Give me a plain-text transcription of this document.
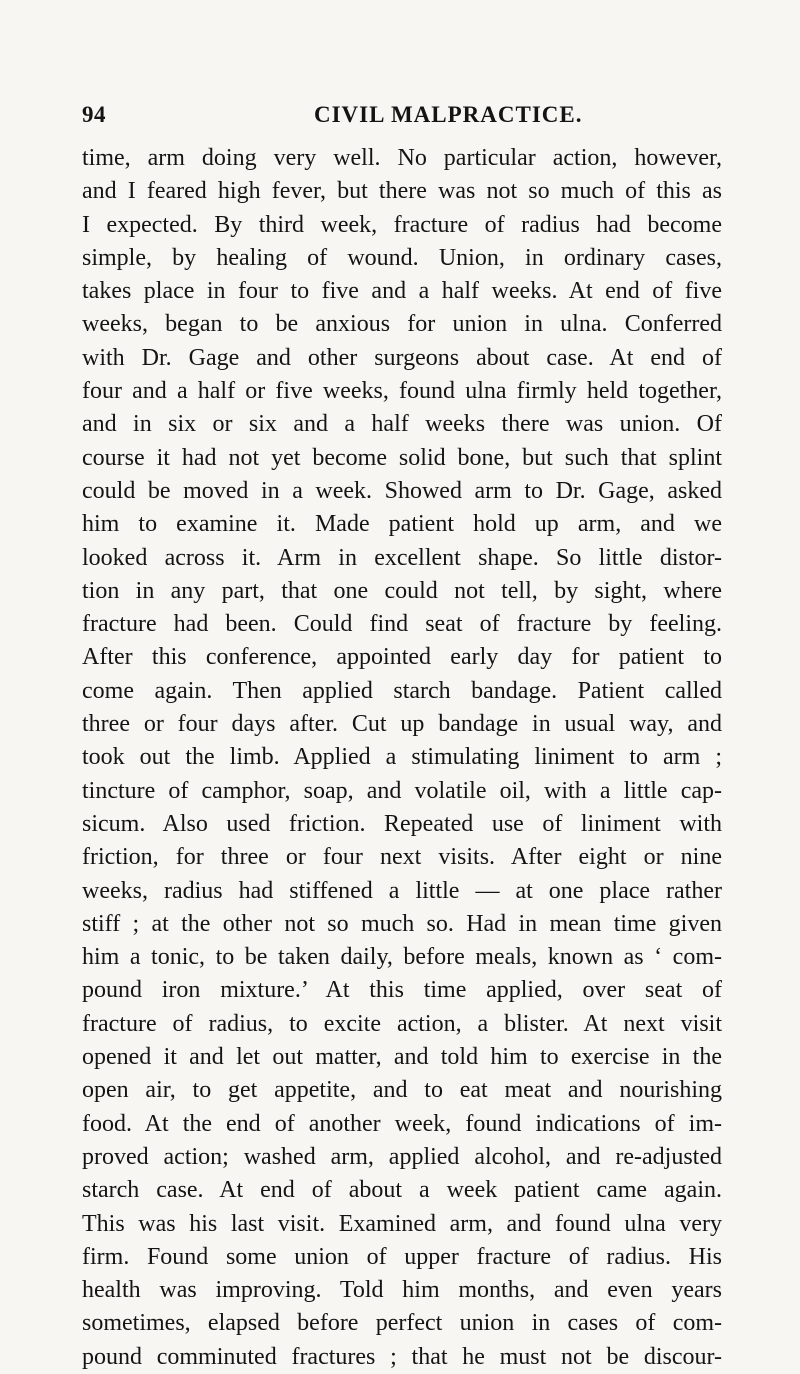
94	CIVIL MALPRACTICE.
time, arm doing very well. No particular action, however,
and I feared high fever, but there was not so much of this as
I expected. By third week, fracture of radius had become
simple, by healing of wound. Union, in ordinary cases,
takes place in four to five and a half weeks. At end of five
weeks, began to be anxious for union in ulna. Conferred
with Dr. Gage and other surgeons about case. At end of
four and a half or five weeks, found ulna firmly held together,
and in six or six and a half weeks there was union. Of
course it had not yet become solid bone, but such that splint
could be moved in a week. Showed arm to Dr. Gage, asked
him to examine it. Made patient hold up arm, and we
looked across it. Arm in excellent shape. So little distor-
tion in any part, that one could not tell, by sight, where
fracture had been. Could find seat of fracture by feeling.
After this conference, appointed early day for patient to
come again. Then applied starch bandage. Patient called
three or four days after. Cut up bandage in usual way, and
took out the limb. Applied a stimulating liniment to arm ;
tincture of camphor, soap, and volatile oil, with a little cap-
sicum. Also used friction. Repeated use of liniment with
friction, for three or four next visits. After eight or nine
weeks, radius had stiffened a little — at one place rather
stiff ; at the other not so much so. Had in mean time given
him a tonic, to be taken daily, before meals, known as ‘ com-
pound iron mixture.’ At this time applied, over seat of
fracture of radius, to excite action, a blister. At next visit
opened it and let out matter, and told him to exercise in the
open air, to get appetite, and to eat meat and nourishing
food. At the end of another week, found indications of im-
proved action; washed arm, applied alcohol, and re-adjusted
starch case. At end of about a week patient came again.
This was his last visit. Examined arm, and found ulna very
firm. Found some union of upper fracture of radius. His
health was improving. Told him months, and even years
sometimes, elapsed before perfect union in cases of com-
pound comminuted fractures ; that he must not be discour-
